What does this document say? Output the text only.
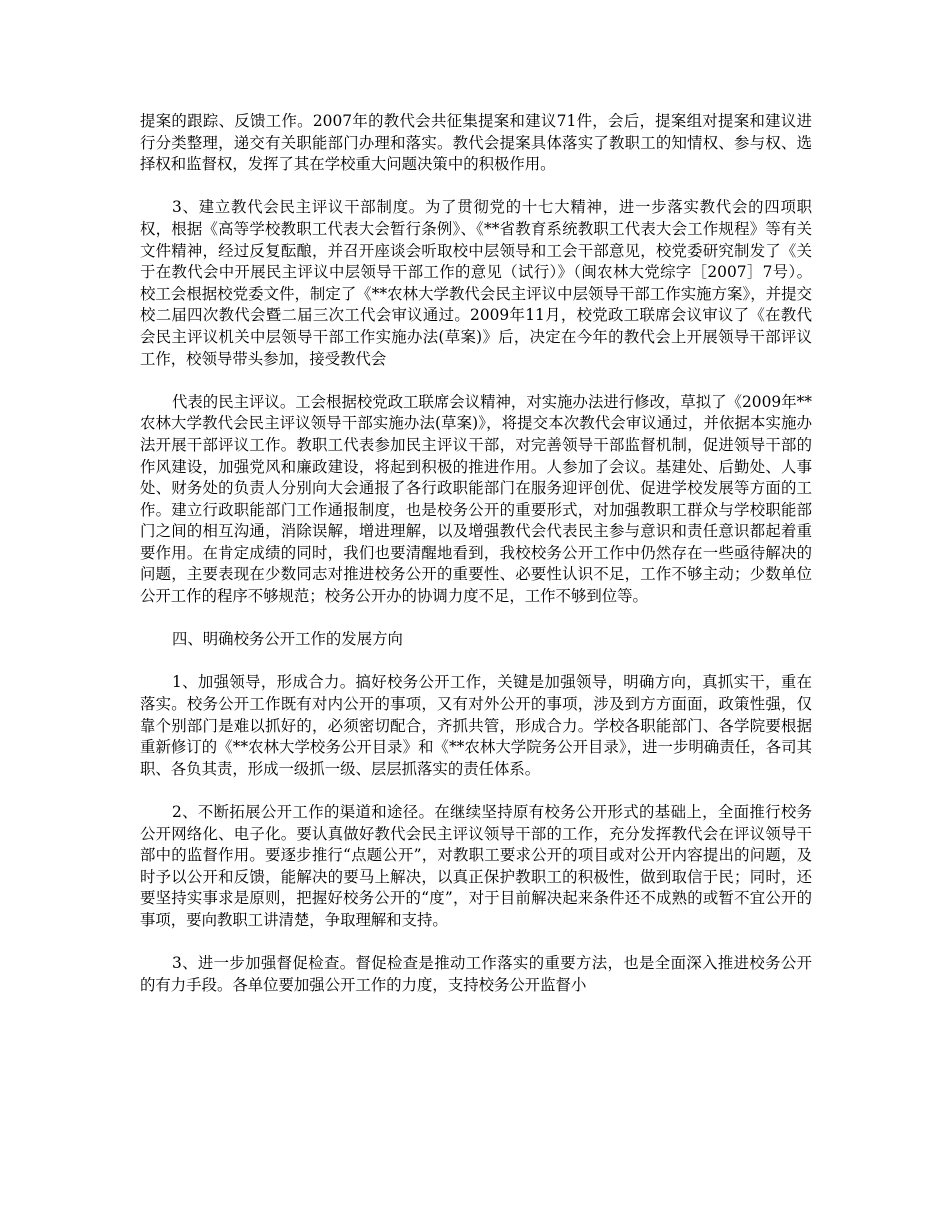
提案的跟踪、反馈工作。2007年的教代会共征集提案和建议71件，会后，提案组对提案和建议进行分类整理，递交有关职能部门办理和落实。教代会提案具体落实了教职工的知情权、参与权、选择权和监督权，发挥了其在学校重大问题决策中的积极作用。

3、建立教代会民主评议干部制度。为了贯彻党的十七大精神，进一步落实教代会的四项职权，根据《高等学校教职工代表大会暂行条例》、《**省教育系统教职工代表大会工作规程》等有关文件精神，经过反复酝酿，并召开座谈会听取校中层领导和工会干部意见，校党委研究制发了《关于在教代会中开展民主评议中层领导干部工作的意见（试行）》（闽农林大党综字［2007］7号）。校工会根据校党委文件，制定了《**农林大学教代会民主评议中层领导干部工作实施方案》，并提交校二届四次教代会暨二届三次工代会审议通过。2009年11月，校党政工联席会议审议了《在教代会民主评议机关中层领导干部工作实施办法(草案)》后，决定在今年的教代会上开展领导干部评议工作，校领导带头参加，接受教代会

代表的民主评议。工会根据校党政工联席会议精神，对实施办法进行修改，草拟了《2009年**农林大学教代会民主评议领导干部实施办法(草案)》，将提交本次教代会审议通过，并依据本实施办法开展干部评议工作。教职工代表参加民主评议干部，对完善领导干部监督机制，促进领导干部的作风建设，加强党风和廉政建设，将起到积极的推进作用。人参加了会议。基建处、后勤处、人事处、财务处的负责人分别向大会通报了各行政职能部门在服务迎评创优、促进学校发展等方面的工作。建立行政职能部门工作通报制度，也是校务公开的重要形式，对加强教职工群众与学校职能部门之间的相互沟通，消除误解，增进理解，以及增强教代会代表民主参与意识和责任意识都起着重要作用。在肯定成绩的同时，我们也要清醒地看到，我校校务公开工作中仍然存在一些亟待解决的问题，主要表现在少数同志对推进校务公开的重要性、必要性认识不足，工作不够主动；少数单位公开工作的程序不够规范；校务公开办的协调力度不足，工作不够到位等。

四、明确校务公开工作的发展方向

1、加强领导，形成合力。搞好校务公开工作，关键是加强领导，明确方向，真抓实干，重在落实。校务公开工作既有对内公开的事项，又有对外公开的事项，涉及到方方面面，政策性强，仅靠个别部门是难以抓好的，必须密切配合，齐抓共管，形成合力。学校各职能部门、各学院要根据重新修订的《**农林大学校务公开目录》和《**农林大学院务公开目录》，进一步明确责任，各司其职、各负其责，形成一级抓一级、层层抓落实的责任体系。

2、不断拓展公开工作的渠道和途径。在继续坚持原有校务公开形式的基础上，全面推行校务公开网络化、电子化。要认真做好教代会民主评议领导干部的工作，充分发挥教代会在评议领导干部中的监督作用。要逐步推行“点题公开”，对教职工要求公开的项目或对公开内容提出的问题，及时予以公开和反馈，能解决的要马上解决，以真正保护教职工的积极性，做到取信于民；同时，还要坚持实事求是原则，把握好校务公开的“度”，对于目前解决起来条件还不成熟的或暂不宜公开的事项，要向教职工讲清楚，争取理解和支持。

3、进一步加强督促检查。督促检查是推动工作落实的重要方法，也是全面深入推进校务公开的有力手段。各单位要加强公开工作的力度，支持校务公开监督小
